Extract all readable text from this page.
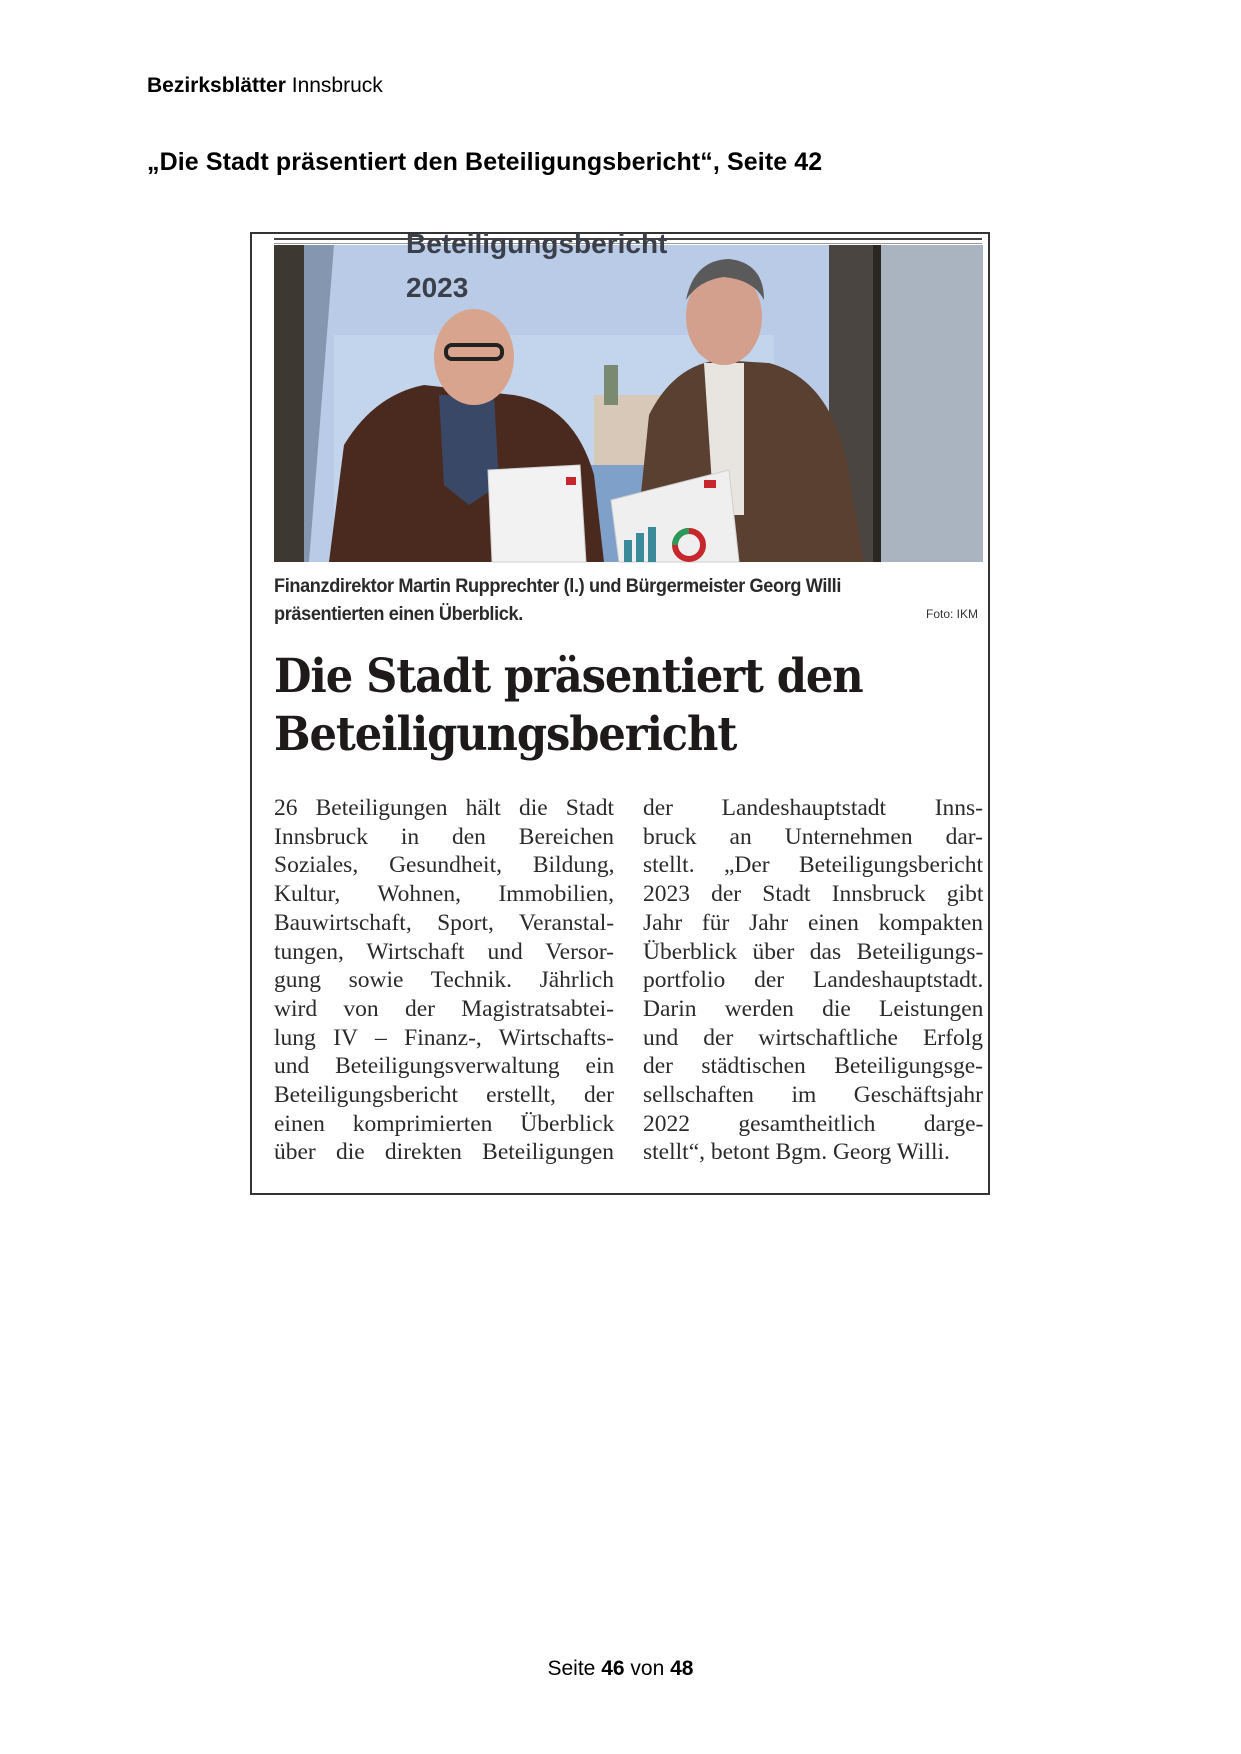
Bezirksblätter Innsbruck
„Die Stadt präsentiert den Beteiligungsbericht“, Seite 42
Beteiligungsbericht
2023
Finanzdirektor Martin Rupprechter (l.) und Bürgermeister Georg Willi
präsentierten einen Überblick.	Foto: IKM
Die Stadt präsentiert den
Beteiligungsbericht
26 Beteiligungen hält die Stadt
Innsbruck in den Bereichen
Soziales, Gesundheit, Bildung,
Kultur, Wohnen, Immobilien,
Bauwirtschaft, Sport, Veranstal-
tungen, Wirtschaft und Versor-
gung sowie Technik. Jährlich
wird von der Magistratsabtei-
lung IV – Finanz-, Wirtschafts-
und Beteiligungsverwaltung ein
Beteiligungsbericht erstellt, der
einen komprimierten Überblick
über die direkten Beteiligungen
der Landeshauptstadt Inns-
bruck an Unternehmen dar-
stellt. „Der Beteiligungsbericht
2023 der Stadt Innsbruck gibt
Jahr für Jahr einen kompakten
Überblick über das Beteiligungs-
portfolio der Landeshauptstadt.
Darin werden die Leistungen
und der wirtschaftliche Erfolg
der städtischen Beteiligungsge-
sellschaften im Geschäftsjahr
2022 gesamtheitlich darge-
stellt“, betont Bgm. Georg Willi.
Seite 46 von 48
